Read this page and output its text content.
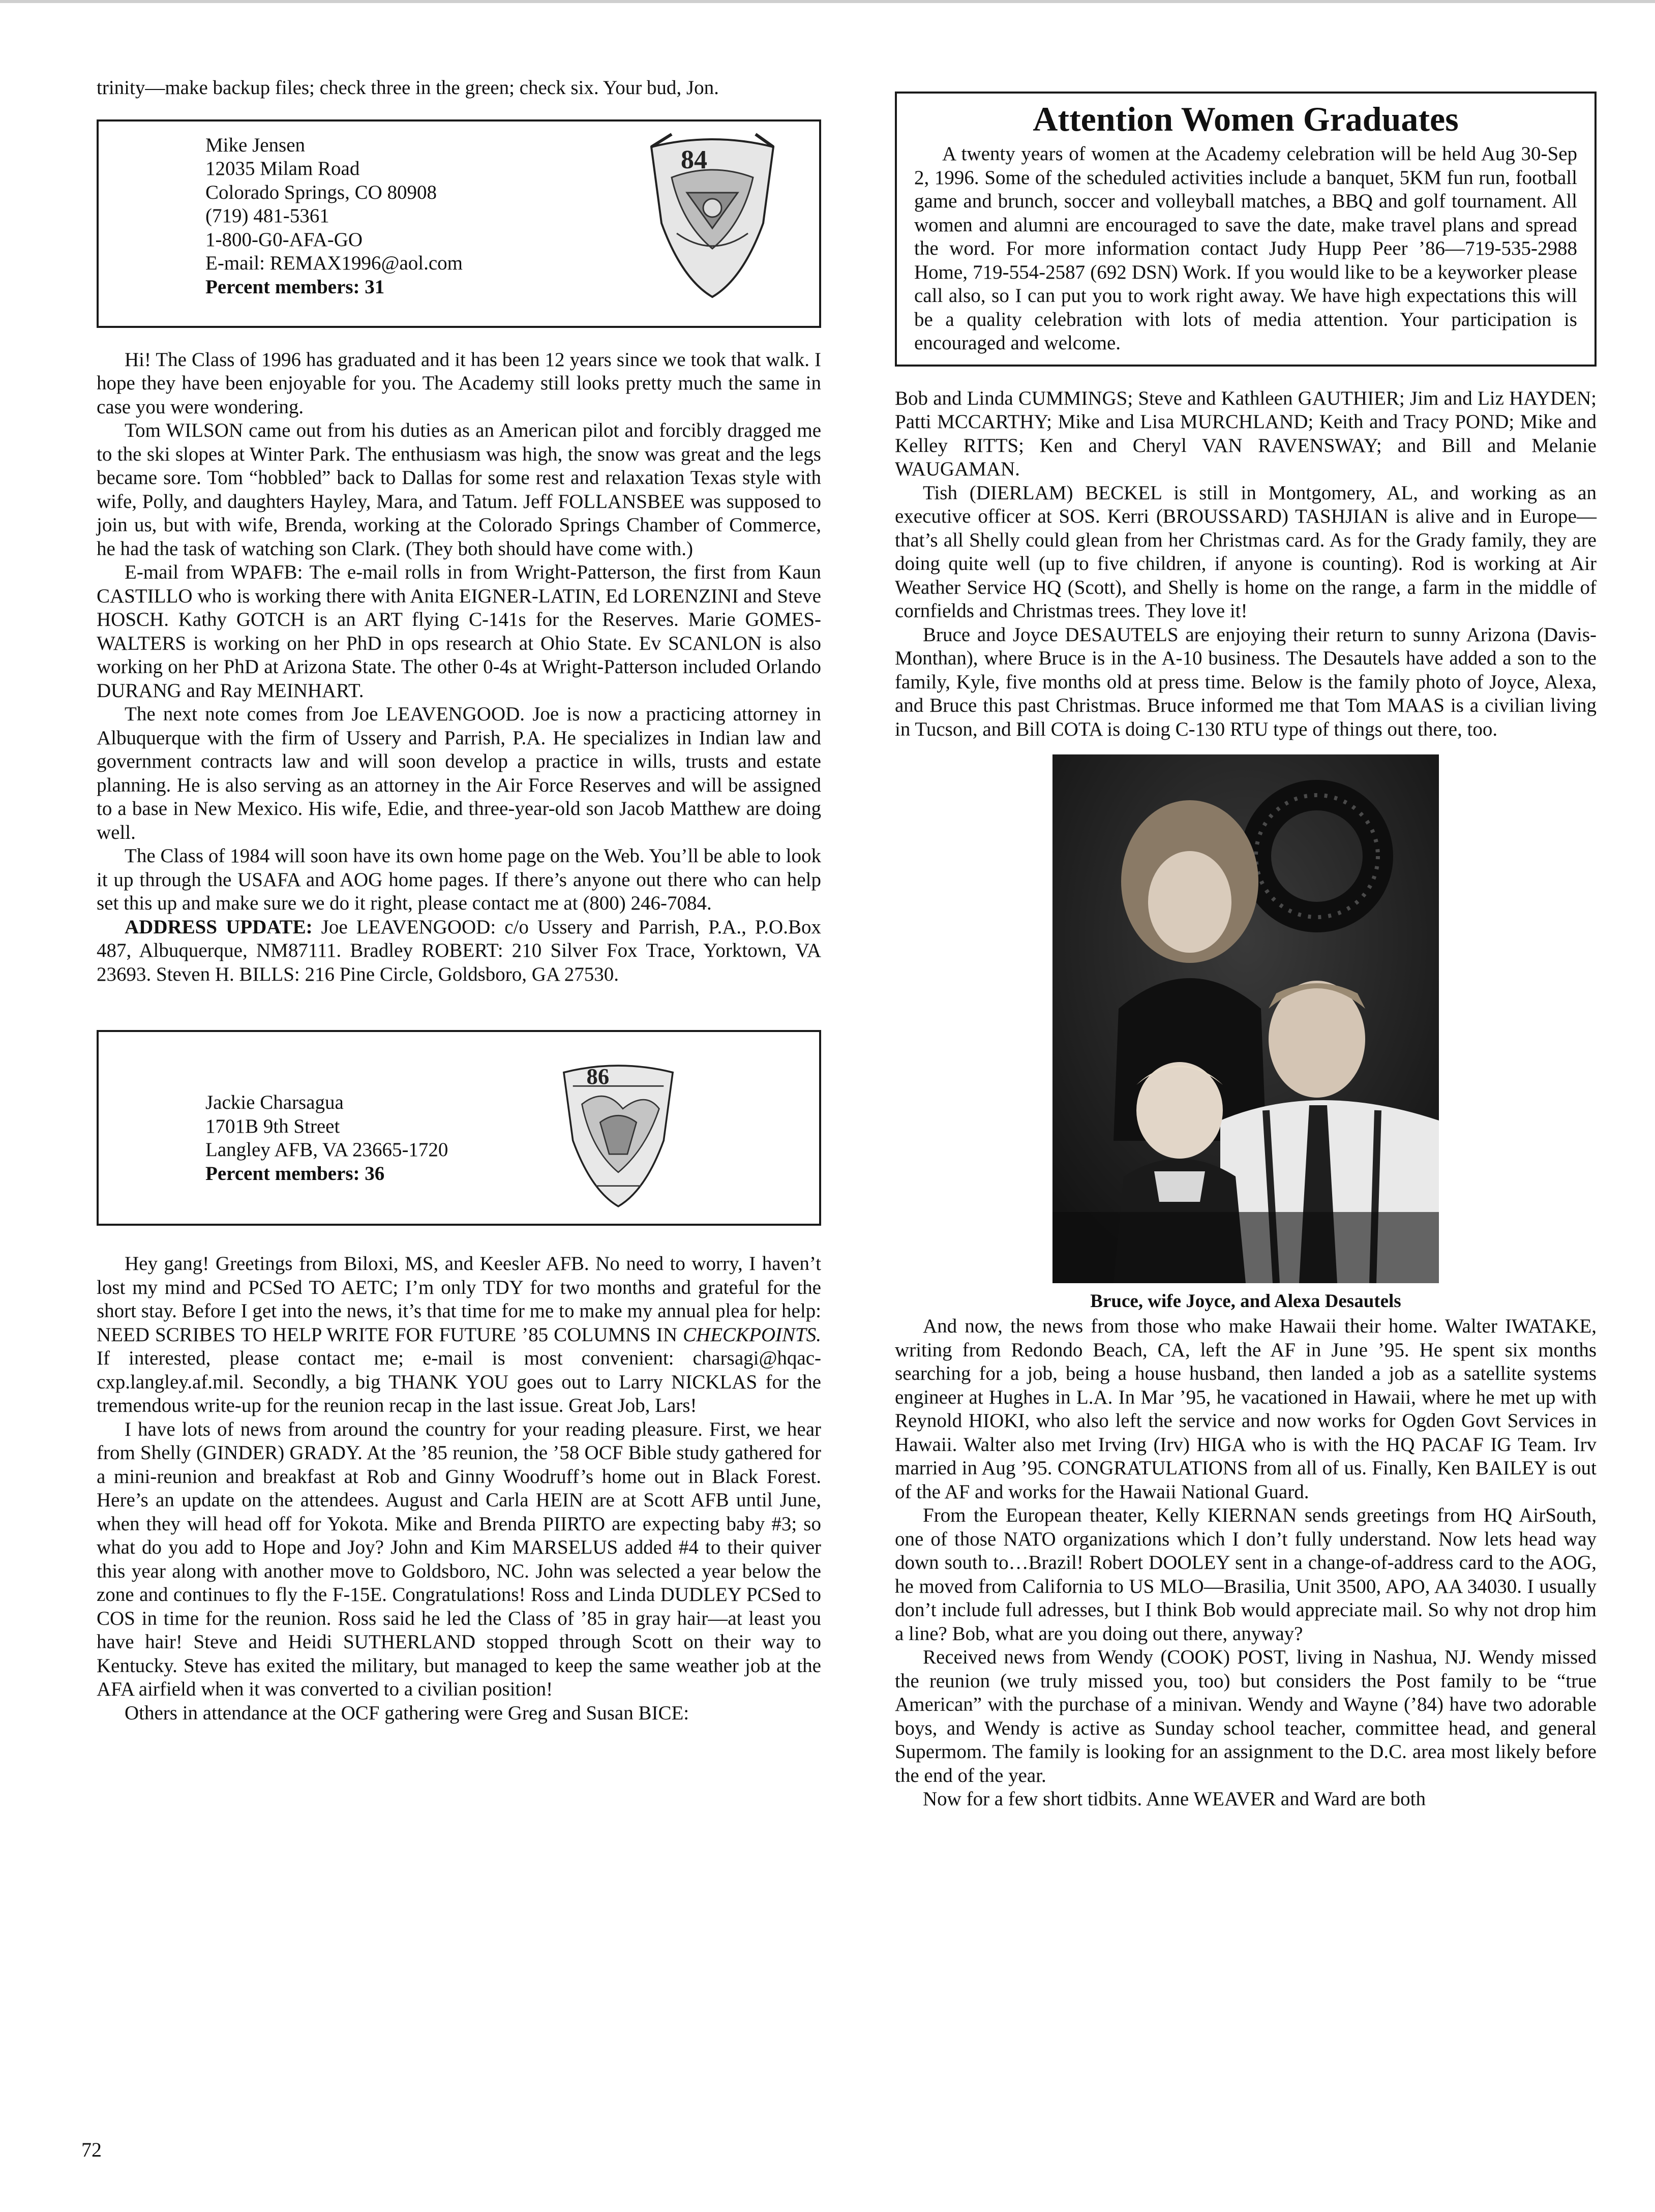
trinity—make backup files; check three in the green; check six. Your bud, Jon.

Mike Jensen
12035 Milam Road
Colorado Springs, CO 80908
(719) 481-5361
1-800-G0-AFA-GO
E-mail: REMAX1996@aol.com
Percent members: 31
84

Hi! The Class of 1996 has graduated and it has been 12 years since we took that walk. I hope they have been enjoyable for you. The Academy still looks pretty much the same in case you were wondering.

Tom WILSON came out from his duties as an American pilot and forcibly dragged me to the ski slopes at Winter Park. The enthusiasm was high, the snow was great and the legs became sore. Tom “hobbled” back to Dallas for some rest and relaxation Texas style with wife, Polly, and daughters Hayley, Mara, and Tatum. Jeff FOLLANSBEE was supposed to join us, but with wife, Brenda, working at the Colorado Springs Chamber of Commerce, he had the task of watching son Clark. (They both should have come with.)

E-mail from WPAFB: The e-mail rolls in from Wright-Patterson, the first from Kaun CASTILLO who is working there with Anita EIGNER-LATIN, Ed LORENZINI and Steve HOSCH. Kathy GOTCH is an ART flying C-141s for the Reserves. Marie GOMES-WALTERS is working on her PhD in ops research at Ohio State. Ev SCANLON is also working on her PhD at Arizona State. The other 0-4s at Wright-Patterson included Orlando DURANG and Ray MEINHART.

The next note comes from Joe LEAVENGOOD. Joe is now a practicing attorney in Albuquerque with the firm of Ussery and Parrish, P.A. He specializes in Indian law and government contracts law and will soon develop a practice in wills, trusts and estate planning. He is also serving as an attorney in the Air Force Reserves and will be assigned to a base in New Mexico. His wife, Edie, and three-year-old son Jacob Matthew are doing well.

The Class of 1984 will soon have its own home page on the Web. You’ll be able to look it up through the USAFA and AOG home pages. If there’s anyone out there who can help set this up and make sure we do it right, please contact me at (800) 246-7084.

ADDRESS UPDATE: Joe LEAVENGOOD: c/o Ussery and Parrish, P.A., P.O.Box 487, Albuquerque, NM87111. Bradley ROBERT: 210 Silver Fox Trace, Yorktown, VA 23693. Steven H. BILLS: 216 Pine Circle, Goldsboro, GA 27530.

Jackie Charsagua
1701B 9th Street
Langley AFB, VA 23665-1720
Percent members: 36
86

Hey gang! Greetings from Biloxi, MS, and Keesler AFB. No need to worry, I haven’t lost my mind and PCSed TO AETC; I’m only TDY for two months and grateful for the short stay. Before I get into the news, it’s that time for me to make my annual plea for help: NEED SCRIBES TO HELP WRITE FOR FUTURE ’85 COLUMNS IN CHECKPOINTS. If interested, please contact me; e-mail is most convenient: charsagi@hqac-cxp.langley.af.mil. Secondly, a big THANK YOU goes out to Larry NICKLAS for the tremendous write-up for the reunion recap in the last issue. Great Job, Lars!

I have lots of news from around the country for your reading pleasure. First, we hear from Shelly (GINDER) GRADY. At the ’85 reunion, the ’58 OCF Bible study gathered for a mini-reunion and breakfast at Rob and Ginny Woodruff’s home out in Black Forest. Here’s an update on the attendees. August and Carla HEIN are at Scott AFB until June, when they will head off for Yokota. Mike and Brenda PIIRTO are expecting baby #3; so what do you add to Hope and Joy? John and Kim MARSELUS added #4 to their quiver this year along with another move to Goldsboro, NC. John was selected a year below the zone and continues to fly the F-15E. Congratulations! Ross and Linda DUDLEY PCSed to COS in time for the reunion. Ross said he led the Class of ’85 in gray hair—at least you have hair! Steve and Heidi SUTHERLAND stopped through Scott on their way to Kentucky. Steve has exited the military, but managed to keep the same weather job at the AFA airfield when it was converted to a civilian position!

Others in attendance at the OCF gathering were Greg and Susan BICE:

Attention Women Graduates

A twenty years of women at the Academy celebration will be held Aug 30-Sep 2, 1996. Some of the scheduled activities include a banquet, 5KM fun run, football game and brunch, soccer and volleyball matches, a BBQ and golf tournament. All women and alumni are encouraged to save the date, make travel plans and spread the word. For more information contact Judy Hupp Peer ’86—719-535-2988 Home, 719-554-2587 (692 DSN) Work. If you would like to be a keyworker please call also, so I can put you to work right away. We have high expectations this will be a quality celebration with lots of media attention. Your participation is encouraged and welcome.

Bob and Linda CUMMINGS; Steve and Kathleen GAUTHIER; Jim and Liz HAYDEN; Patti MCCARTHY; Mike and Lisa MURCHLAND; Keith and Tracy POND; Mike and Kelley RITTS; Ken and Cheryl VAN RAVENSWAY; and Bill and Melanie WAUGAMAN.

Tish (DIERLAM) BECKEL is still in Montgomery, AL, and working as an executive officer at SOS. Kerri (BROUSSARD) TASHJIAN is alive and in Europe—that’s all Shelly could glean from her Christmas card. As for the Grady family, they are doing quite well (up to five children, if anyone is counting). Rod is working at Air Weather Service HQ (Scott), and Shelly is home on the range, a farm in the middle of cornfields and Christmas trees. They love it!

Bruce and Joyce DESAUTELS are enjoying their return to sunny Arizona (Davis-Monthan), where Bruce is in the A-10 business. The Desautels have added a son to the family, Kyle, five months old at press time. Below is the family photo of Joyce, Alexa, and Bruce this past Christmas. Bruce informed me that Tom MAAS is a civilian living in Tucson, and Bill COTA is doing C-130 RTU type of things out there, too.

Bruce, wife Joyce, and Alexa Desautels

And now, the news from those who make Hawaii their home. Walter IWATAKE, writing from Redondo Beach, CA, left the AF in June ’95. He spent six months searching for a job, being a house husband, then landed a job as a satellite systems engineer at Hughes in L.A. In Mar ’95, he vacationed in Hawaii, where he met up with Reynold HIOKI, who also left the service and now works for Ogden Govt Services in Hawaii. Walter also met Irving (Irv) HIGA who is with the HQ PACAF IG Team. Irv married in Aug ’95. CONGRATULATIONS from all of us. Finally, Ken BAILEY is out of the AF and works for the Hawaii National Guard.

From the European theater, Kelly KIERNAN sends greetings from HQ AirSouth, one of those NATO organizations which I don’t fully understand. Now lets head way down south to…Brazil! Robert DOOLEY sent in a change-of-address card to the AOG, he moved from California to US MLO—Brasilia, Unit 3500, APO, AA 34030. I usually don’t include full adresses, but I think Bob would appreciate mail. So why not drop him a line? Bob, what are you doing out there, anyway?

Received news from Wendy (COOK) POST, living in Nashua, NJ. Wendy missed the reunion (we truly missed you, too) but considers the Post family to be “true American” with the purchase of a minivan. Wendy and Wayne (’84) have two adorable boys, and Wendy is active as Sunday school teacher, committee head, and general Supermom. The family is looking for an assignment to the D.C. area most likely before the end of the year.

Now for a few short tidbits. Anne WEAVER and Ward are both

72
